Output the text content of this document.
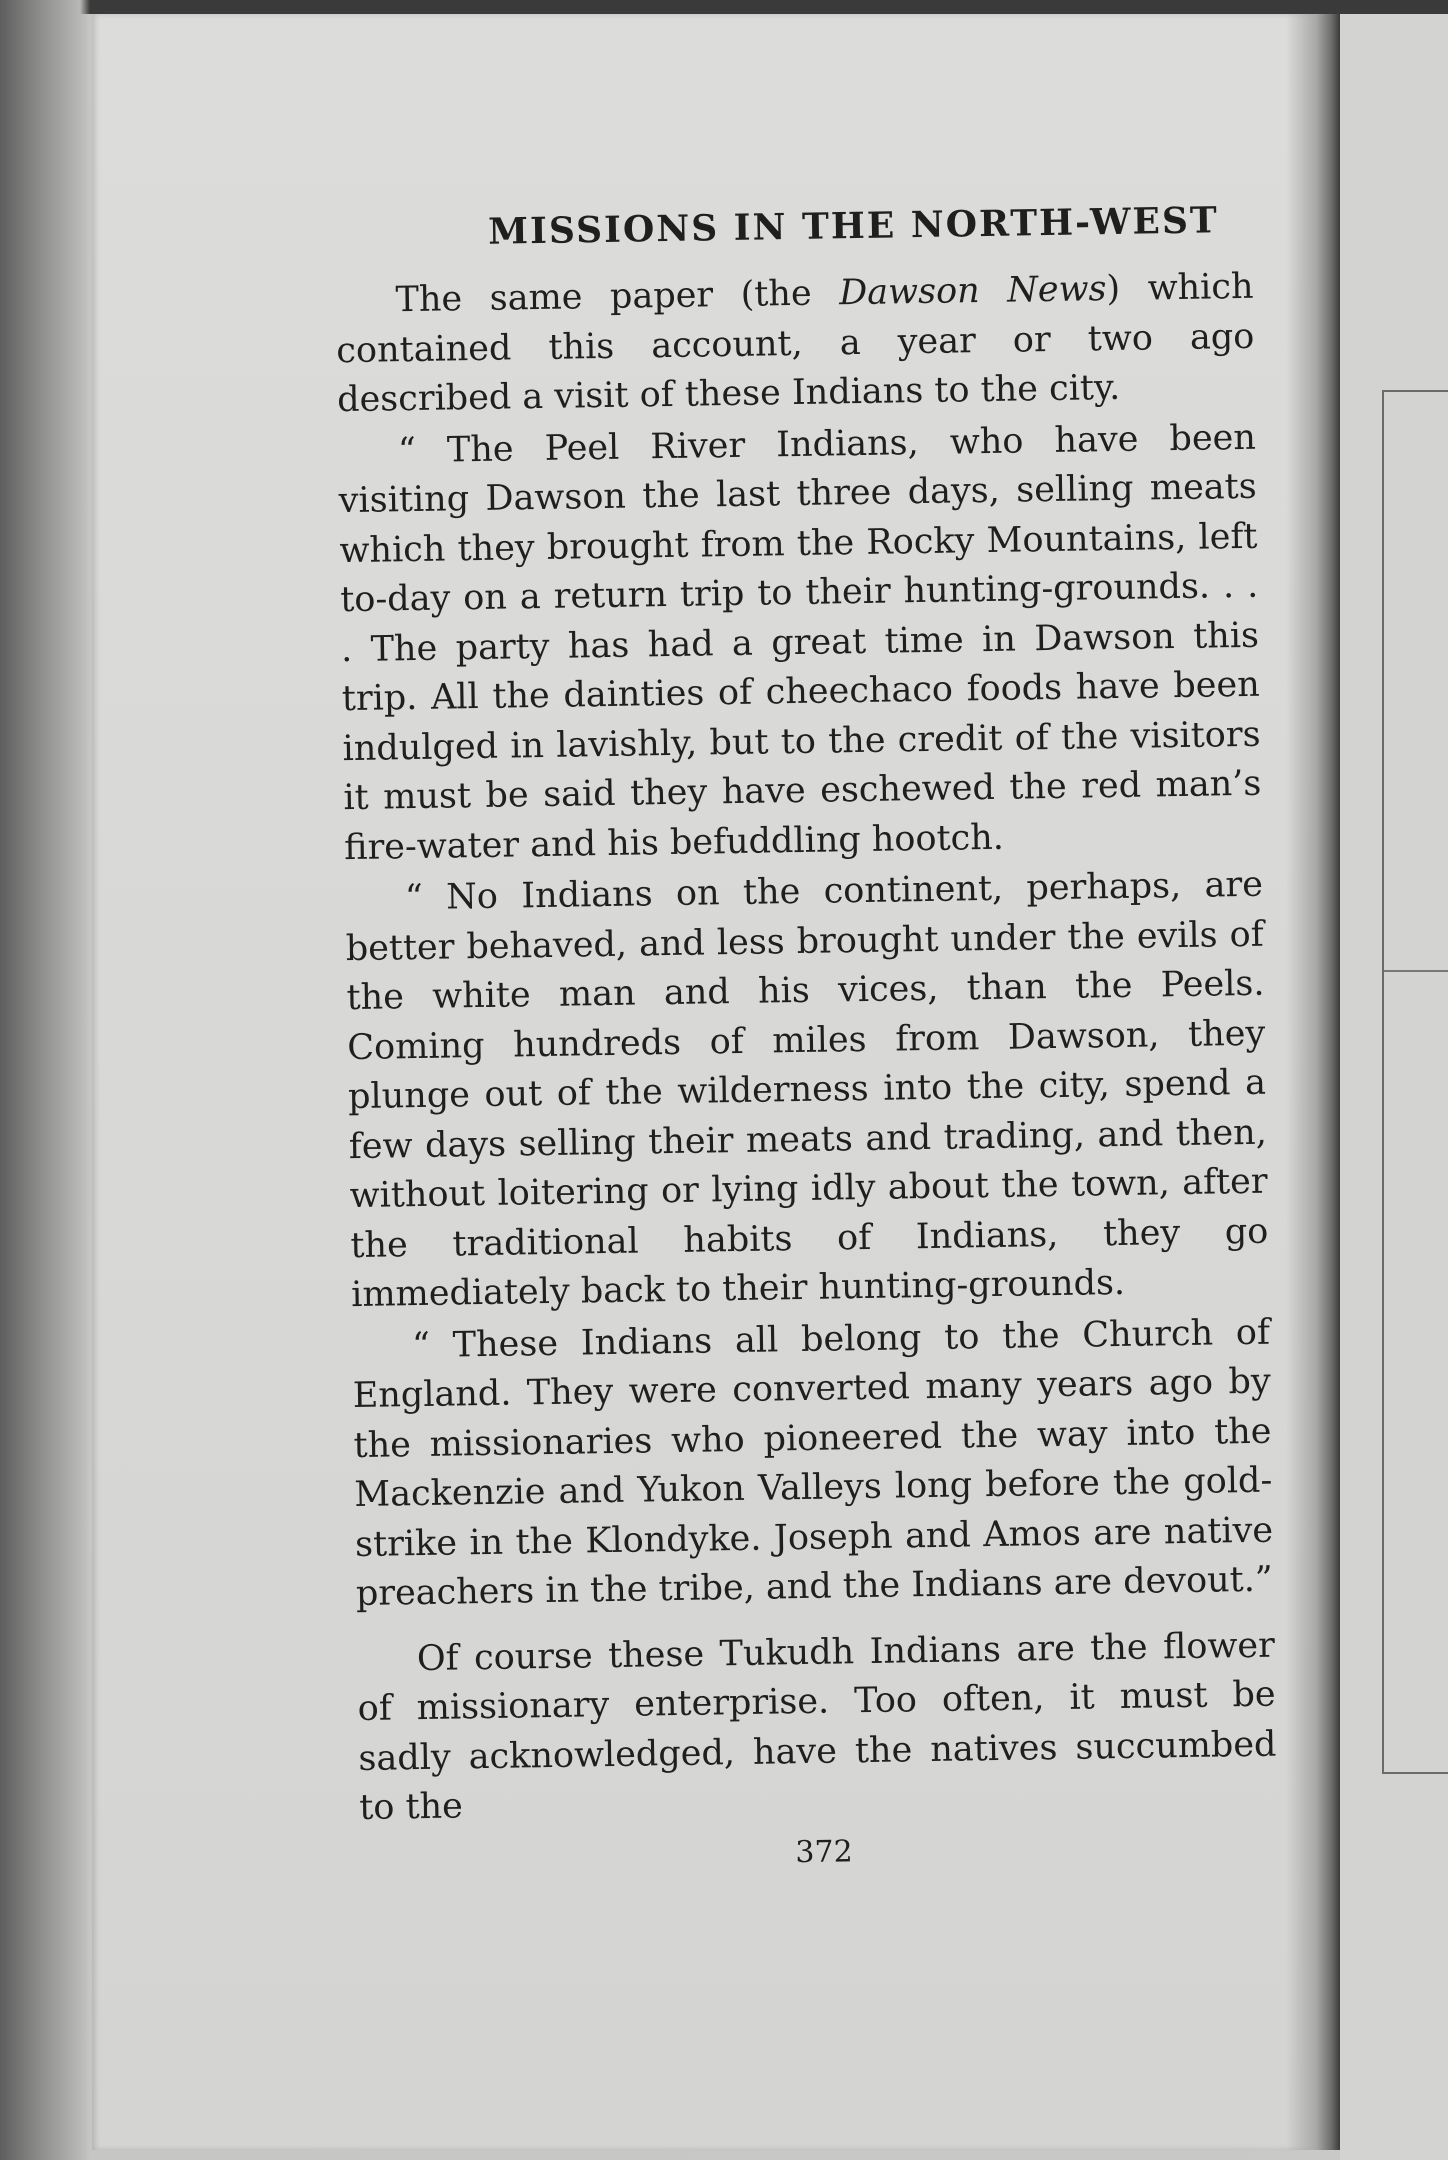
MISSIONS IN THE NORTH-WEST

The same paper (the Dawson News) which contained this account, a year or two ago described a visit of these Indians to the city.

“ The Peel River Indians, who have been visiting Dawson the last three days, selling meats which they brought from the Rocky Mountains, left to-day on a return trip to their hunting-grounds. . . . The party has had a great time in Dawson this trip. All the dainties of cheechaco foods have been indulged in lavishly, but to the credit of the visitors it must be said they have eschewed the red man’s fire-water and his befuddling hootch.

“ No Indians on the continent, perhaps, are better behaved, and less brought under the evils of the white man and his vices, than the Peels. Coming hundreds of miles from Dawson, they plunge out of the wilderness into the city, spend a few days selling their meats and trading, and then, without loitering or lying idly about the town, after the traditional habits of Indians, they go immediately back to their hunting-grounds.

“ These Indians all belong to the Church of England. They were converted many years ago by the missionaries who pioneered the way into the Mackenzie and Yukon Valleys long before the gold-strike in the Klondyke. Joseph and Amos are native preachers in the tribe, and the Indians are devout.”

Of course these Tukudh Indians are the flower of missionary enterprise. Too often, it must be sadly acknowledged, have the natives succumbed to the

372
